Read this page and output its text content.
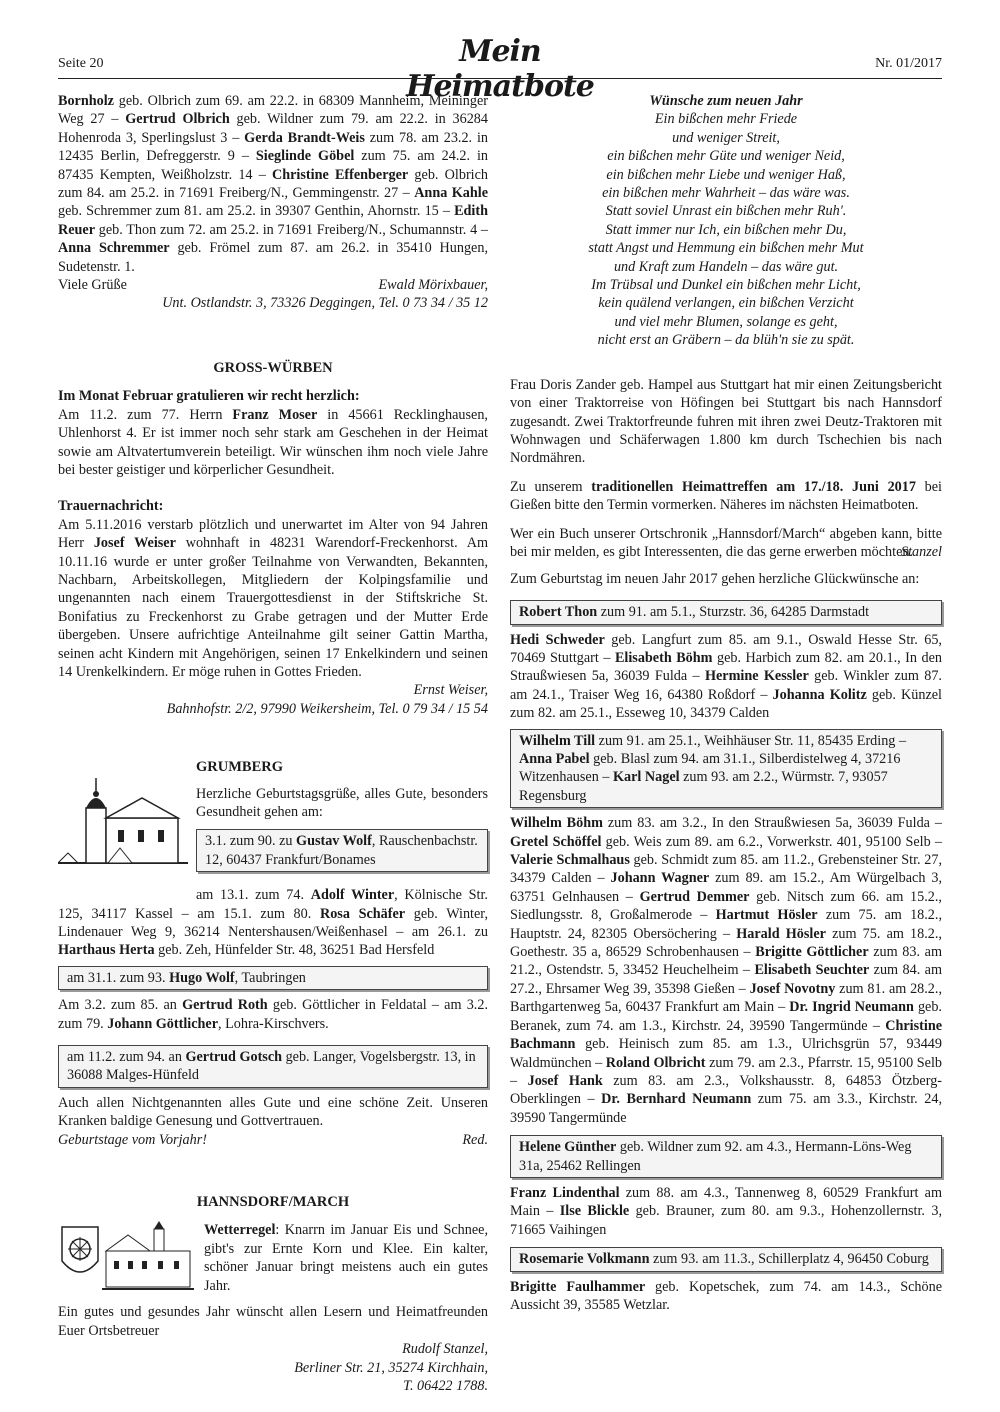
Seite 20	Mein Heimatbote
Nr. 01/2017

Bornholz geb. Olbrich zum 69. am 22.2. in 68309 Mannheim, Meininger Weg 27 – Gertrud Olbrich geb. Wildner zum 79. am 22.2. in 36284 Hohenroda 3, Sperlingslust 3 – Gerda Brandt-Weis zum 78. am 23.2. in 12435 Berlin, Defreggerstr. 9 – Sieglinde Göbel zum 75. am 24.2. in 87435 Kempten, Weißholzstr. 14 – Christine Effenberger geb. Olbrich zum 84. am 25.2. in 71691 Freiberg/N., Gemmingenstr. 27 – Anna Kahle geb. Schremmer zum 81. am 25.2. in 39307 Genthin, Ahornstr. 15 – Edith Reuer geb. Thon zum 72. am 25.2. in 71691 Freiberg/N., Schumannstr. 4 – Anna Schremmer geb. Frömel zum 87. am 26.2. in 35410 Hungen, Sudetenstr. 1.

Viele Grüße	Ewald Mörixbauer,

Unt. Ostlandstr. 3, 73326 Deggingen, Tel. 0 73 34 / 35 12

GROSS-WÜRBEN

Im Monat Februar gratulieren wir recht herzlich:

Am 11.2. zum 77. Herrn Franz Moser in 45661 Recklinghausen, Uhlenhorst 4. Er ist immer noch sehr stark am Geschehen in der Heimat sowie am Altvatertumverein beteiligt. Wir wünschen ihm noch viele Jahre bei bester geistiger und körperlicher Gesundheit.

Trauernachricht:

Am 5.11.2016 verstarb plötzlich und unerwartet im Alter von 94 Jahren Herr Josef Weiser wohnhaft in 48231 Warendorf-Freckenhorst. Am 10.11.16 wurde er unter großer Teilnahme von Verwandten, Bekannten, Nachbarn, Arbeitskollegen, Mitgliedern der Kolpingsfamilie und ungenannten nach einem Trauergottesdienst in der Stiftskriche St. Bonifatius zu Freckenhorst zu Grabe getragen und der Mutter Erde übergeben. Unsere aufrichtige Anteilnahme gilt seiner Gattin Martha, seinen acht Kindern mit Angehörigen, seinen 17 Enkelkindern und seinen 14 Urenkelkindern. Er möge ruhen in Gottes Frieden.

Ernst Weiser,

Bahnhofstr. 2/2, 97990 Weikersheim, Tel. 0 79 34 / 15 54

GRUMBERG

Herzliche Geburtstagsgrüße, alles Gute, besonders Gesundheit gehen am:

3.1. zum 90. zu Gustav Wolf, Rauschenbachstr. 12, 60437 Frankfurt/Bonames

am 13.1. zum 74. Adolf Winter, Kölnische Str. 125, 34117 Kassel – am 15.1. zum 80. Rosa Schäfer geb. Winter, Lindenauer Weg 9, 36214 Nentershausen/Weißenhasel – am 26.1. zu Harthaus Herta geb. Zeh, Hünfelder Str. 48, 36251 Bad Hersfeld

am 31.1. zum 93. Hugo Wolf, Taubringen

Am 3.2. zum 85. an Gertrud Roth geb. Göttlicher in Feldatal – am 3.2. zum 79. Johann Göttlicher, Lohra-Kirschvers.

am 11.2. zum 94. an Gertrud Gotsch geb. Langer, Vogelsbergstr. 13, in 36088 Malges-Hünfeld

Auch allen Nichtgenannten alles Gute und eine schöne Zeit. Unseren Kranken baldige Genesung und Gottvertrauen.

Geburtstage vom Vorjahr!	Red.

HANNSDORF/MARCH

Wetterregel: Knarrn im Januar Eis und Schnee, gibt's zur Ernte Korn und Klee. Ein kalter, schöner Januar bringt meistens auch ein gutes Jahr.

Ein gutes und gesundes Jahr wünscht allen Lesern und Heimatfreunden Euer Ortsbetreuer

Rudolf Stanzel,

Berliner Str. 21, 35274 Kirchhain,

T. 06422 1788.

Wünsche zum neuen Jahr

Ein bißchen mehr Friede

und weniger Streit,

ein bißchen mehr Güte und weniger Neid,

ein bißchen mehr Liebe und weniger Haß,

ein bißchen mehr Wahrheit – das wäre was.

Statt soviel Unrast ein bißchen mehr Ruh'.

Statt immer nur Ich, ein bißchen mehr Du,

statt Angst und Hemmung ein bißchen mehr Mut

und Kraft zum Handeln – das wäre gut.

Im Trübsal und Dunkel ein bißchen mehr Licht,

kein quälend verlangen, ein bißchen Verzicht

und viel mehr Blumen, solange es geht,

nicht erst an Gräbern – da blüh'n sie zu spät.

Frau Doris Zander geb. Hampel aus Stuttgart hat mir einen Zeitungsbericht von einer Traktorreise von Höfingen bei Stuttgart bis nach Hannsdorf zugesandt. Zwei Traktorfreunde fuhren mit ihren zwei Deutz-Traktoren mit Wohnwagen und Schäferwagen 1.800 km durch Tschechien bis nach Nordmähren.

Zu unserem traditionellen Heimattreffen am 17./18. Juni 2017 bei Gießen bitte den Termin vormerken. Näheres im nächsten Heimatboten.

Wer ein Buch unserer Ortschronik „Hannsdorf/March“ abgeben kann, bitte bei mir melden, es gibt Interessenten, die das gerne erwerben möchten.

Stanzel

Zum Geburtstag im neuen Jahr 2017 gehen herzliche Glückwünsche an:

Robert Thon zum 91. am 5.1., Sturzstr. 36, 64285 Darmstadt

Hedi Schweder geb. Langfurt zum 85. am 9.1., Oswald Hesse Str. 65, 70469 Stuttgart – Elisabeth Böhm geb. Harbich zum 82. am 20.1., In den Straußwiesen 5a, 36039 Fulda – Hermine Kessler geb. Winkler zum 87. am 24.1., Traiser Weg 16, 64380 Roßdorf – Johanna Kolitz geb. Künzel zum 82. am 25.1., Esseweg 10, 34379 Calden

Wilhelm Till zum 91. am 25.1., Weihhäuser Str. 11, 85435 Erding – Anna Pabel geb. Blasl zum 94. am 31.1., Silberdistelweg 4, 37216 Witzenhausen – Karl Nagel zum 93. am 2.2., Würmstr. 7, 93057 Regensburg

Wilhelm Böhm zum 83. am 3.2., In den Straußwiesen 5a, 36039 Fulda – Gretel Schöffel geb. Weis zum 89. am 6.2., Vorwerkstr. 401, 95100 Selb – Valerie Schmalhaus geb. Schmidt zum 85. am 11.2., Grebensteiner Str. 27, 34379 Calden – Johann Wagner zum 89. am 15.2., Am Würgelbach 3, 63751 Gelnhausen – Gertrud Demmer geb. Nitsch zum 66. am 15.2., Siedlungsstr. 8, Großalmerode – Hartmut Hösler zum 75. am 18.2., Hauptstr. 24, 82305 Obersöchering – Harald Hösler zum 75. am 18.2., Goethestr. 35 a, 86529 Schrobenhausen – Brigitte Göttlicher zum 83. am 21.2., Ostendstr. 5, 33452 Heuchelheim – Elisabeth Seuchter zum 84. am 27.2., Ehrsamer Weg 39, 35398 Gießen – Josef Novotny zum 81. am 28.2., Barthgartenweg 5a, 60437 Frankfurt am Main – Dr. Ingrid Neumann geb. Beranek, zum 74. am 1.3., Kirchstr. 24, 39590 Tangermünde – Christine Bachmann geb. Heinisch zum 85. am 1.3., Ulrichsgrün 57, 93449 Waldmünchen – Roland Olbricht zum 79. am 2.3., Pfarrstr. 15, 95100 Selb – Josef Hank zum 83. am 2.3., Volkshausstr. 8, 64853 Ötzberg-Oberklingen – Dr. Bernhard Neumann zum 75. am 3.3., Kirchstr. 24, 39590 Tangermünde

Helene Günther geb. Wildner zum 92. am 4.3., Hermann-Löns-Weg 31a, 25462 Rellingen

Franz Lindenthal zum 88. am 4.3., Tannenweg 8, 60529 Frankfurt am Main – Ilse Blickle geb. Brauner, zum 80. am 9.3., Hohenzollernstr. 3, 71665 Vaihingen

Rosemarie Volkmann zum 93. am 11.3., Schillerplatz 4, 96450 Coburg

Brigitte Faulhammer geb. Kopetschek, zum 74. am 14.3., Schöne Aussicht 39, 35585 Wetzlar.
